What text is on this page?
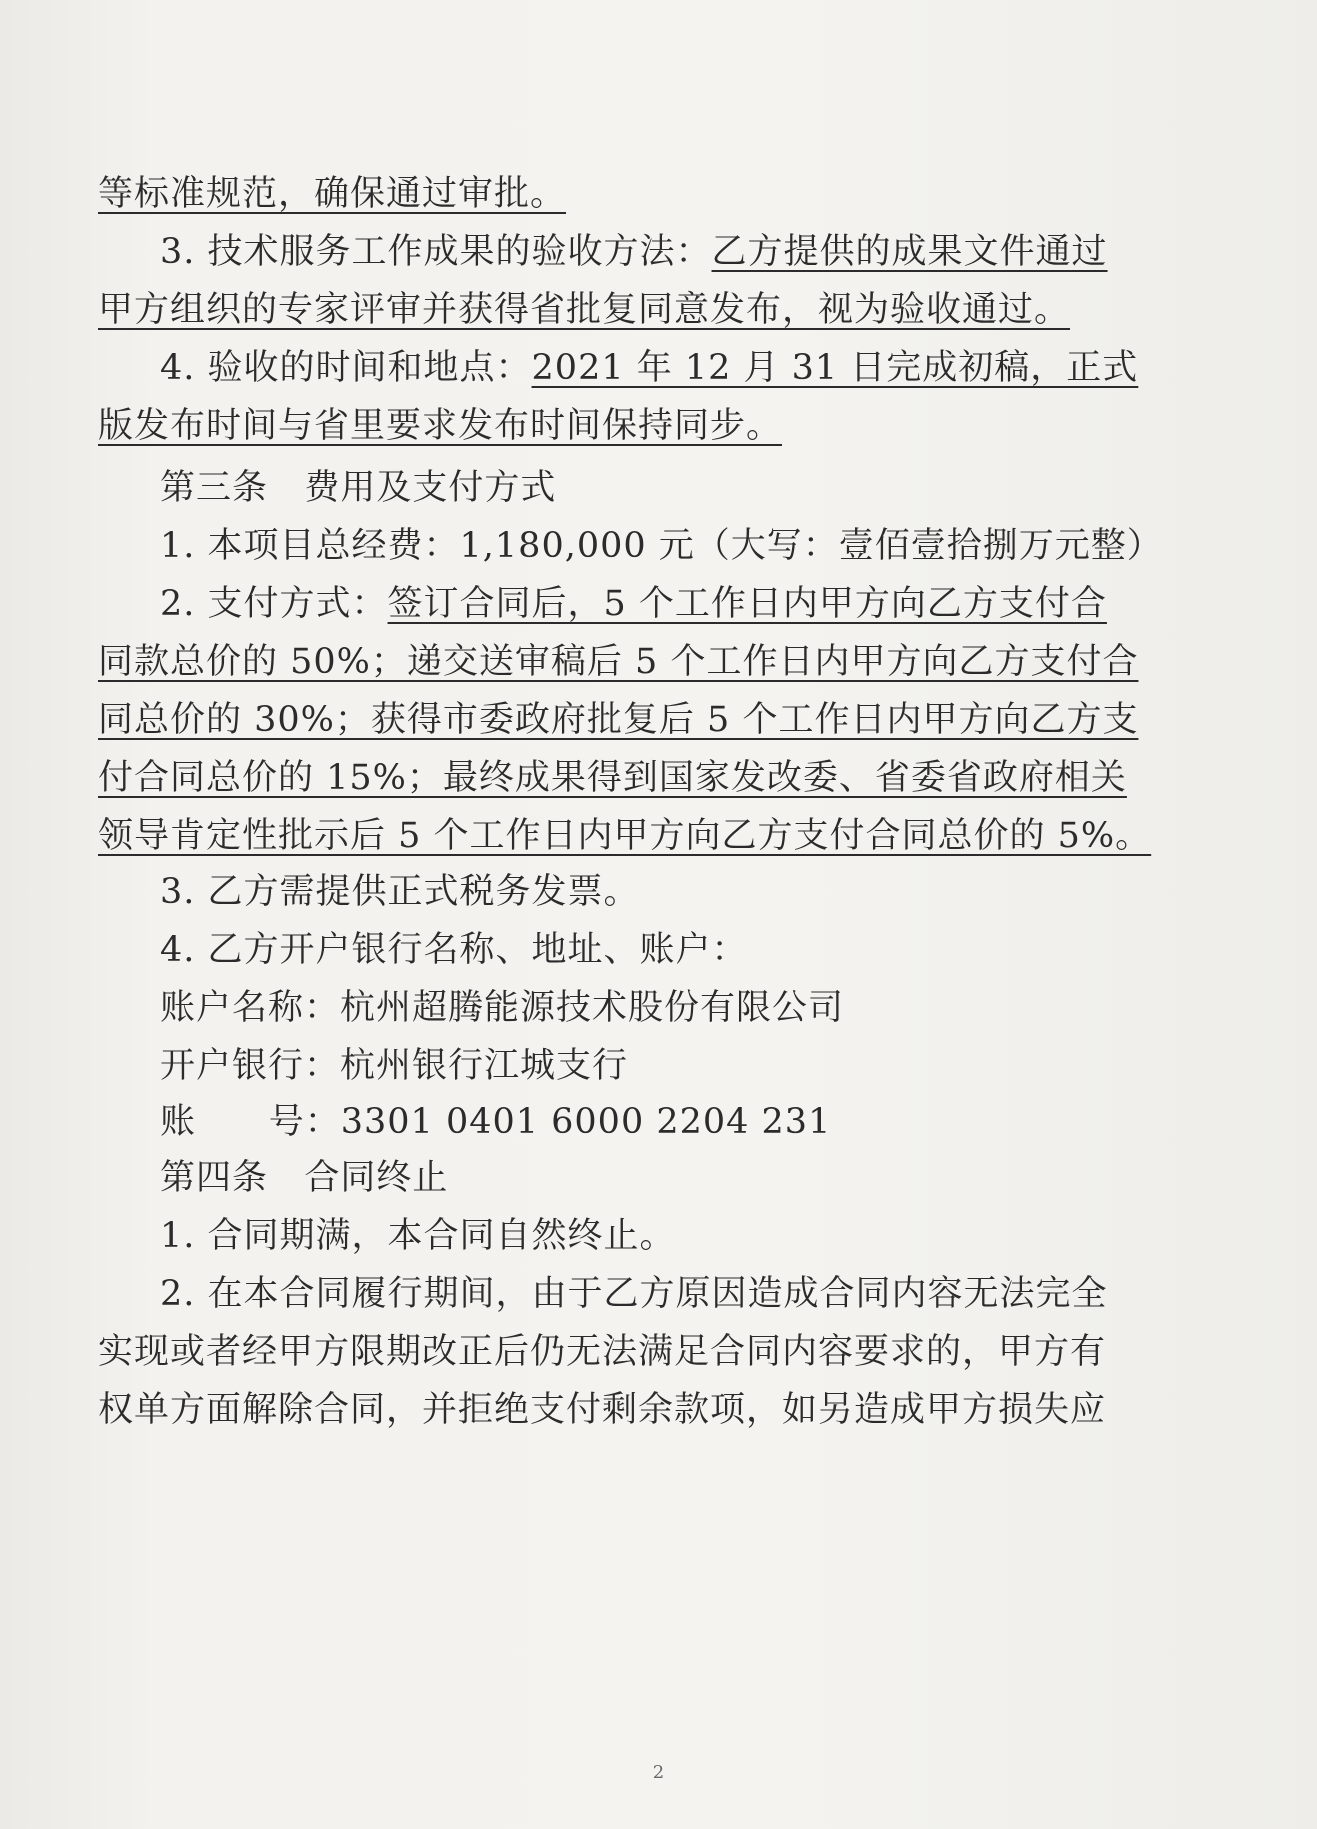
等标准规范，确保通过审批。
3. 技术服务工作成果的验收方法：乙方提供的成果文件通过
甲方组织的专家评审并获得省批复同意发布，视为验收通过。
4. 验收的时间和地点：2021 年 12 月 31 日完成初稿，正式
版发布时间与省里要求发布时间保持同步。
第三条   费用及支付方式
1. 本项目总经费：1,180,000 元（大写：壹佰壹拾捌万元整）
2. 支付方式：签订合同后，5 个工作日内甲方向乙方支付合
同款总价的 50%；递交送审稿后 5 个工作日内甲方向乙方支付合
同总价的 30%；获得市委政府批复后 5 个工作日内甲方向乙方支
付合同总价的 15%；最终成果得到国家发改委、省委省政府相关
领导肯定性批示后 5 个工作日内甲方向乙方支付合同总价的 5%。
3. 乙方需提供正式税务发票。
4. 乙方开户银行名称、地址、账户：
账户名称：杭州超腾能源技术股份有限公司
开户银行：杭州银行江城支行
账      号：3301 0401 6000 2204 231
第四条   合同终止
1. 合同期满，本合同自然终止。
2. 在本合同履行期间，由于乙方原因造成合同内容无法完全
实现或者经甲方限期改正后仍无法满足合同内容要求的，甲方有
权单方面解除合同，并拒绝支付剩余款项，如另造成甲方损失应
2
